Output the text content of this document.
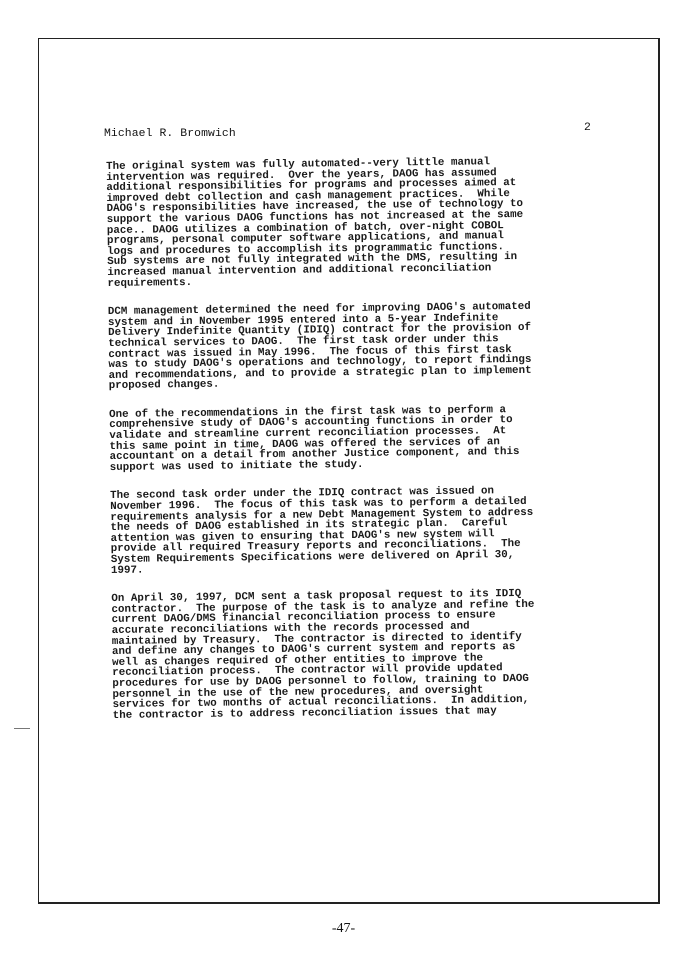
Michael R. Bromwich	2

The original system was fully automated--very little manual
intervention was required.  Over the years, DAOG has assumed
additional responsibilities for programs and processes aimed at
improved debt collection and cash management practices.  While
DAOG's responsibilities have increased, the use of technology to
support the various DAOG functions has not increased at the same
pace.. DAOG utilizes a combination of batch, over-night COBOL
programs, personal computer software applications, and manual
logs and procedures to accomplish its programmatic functions.
Sub systems are not fully integrated with the DMS, resulting in
increased manual intervention and additional reconciliation
requirements.

DCM management determined the need for improving DAOG's automated
system and in November 1995 entered into a 5-year Indefinite
Delivery Indefinite Quantity (IDIQ) contract for the provision of
technical services to DAOG.  The first task order under this
contract was issued in May 1996.  The focus of this first task
was to study DAOG's operations and technology, to report findings
and recommendations, and to provide a strategic plan to implement
proposed changes.

One of the recommendations in the first task was to perform a
comprehensive study of DAOG's accounting functions in order to
validate and streamline current reconciliation processes.  At
this same point in time, DAOG was offered the services of an
accountant on a detail from another Justice component, and this
support was used to initiate the study.

The second task order under the IDIQ contract was issued on
November 1996.  The focus of this task was to perform a detailed
requirements analysis for a new Debt Management System to address
the needs of DAOG established in its strategic plan.  Careful
attention was given to ensuring that DAOG's new system will
provide all required Treasury reports and reconciliations.  The
System Requirements Specifications were delivered on April 30,
1997.

On April 30, 1997, DCM sent a task proposal request to its IDIQ
contractor.  The purpose of the task is to analyze and refine the
current DAOG/DMS financial reconciliation process to ensure
accurate reconciliations with the records processed and
maintained by Treasury.  The contractor is directed to identify
and define any changes to DAOG's current system and reports as
well as changes required of other entities to improve the
reconciliation process.  The contractor will provide updated
procedures for use by DAOG personnel to follow, training to DAOG
personnel in the use of the new procedures, and oversight
services for two months of actual reconciliations.  In addition,
the contractor is to address reconciliation issues that may

-47-
